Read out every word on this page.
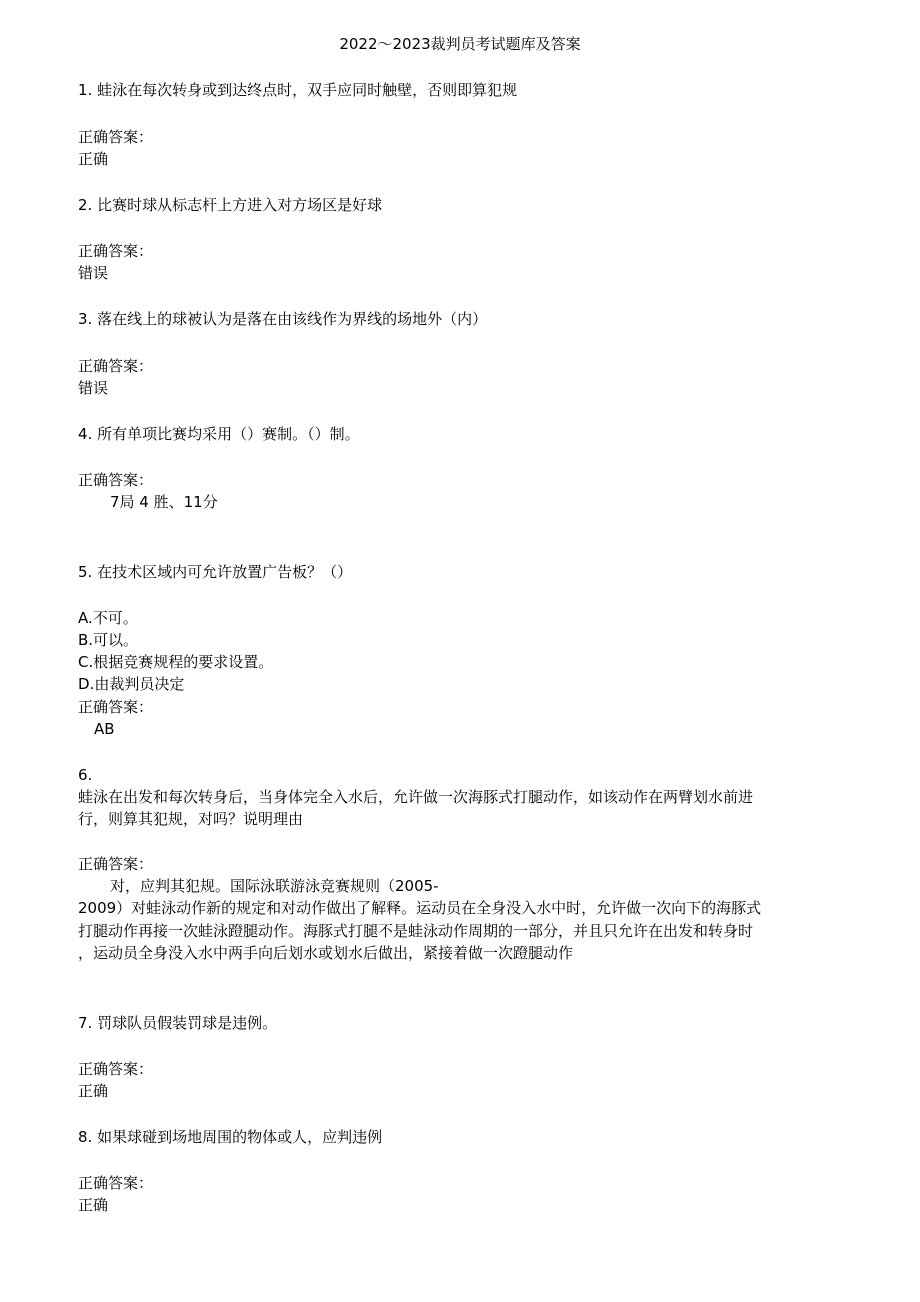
2022～2023裁判员考试题库及答案
1. 蛙泳在每次转身或到达终点时，双手应同时触壁，否则即算犯规
正确答案：
正确
2. 比赛时球从标志杆上方进入对方场区是好球
正确答案：
错误
3. 落在线上的球被认为是落在由该线作为界线的场地外（内）
正确答案：
错误
4. 所有单项比赛均采用（）赛制。（）制。
正确答案：
7局 4 胜、11分
5. 在技术区域内可允许放置广告板？（）
A.不可。
B.可以。
C.根据竞赛规程的要求设置。
D.由裁判员决定
正确答案：
AB
6.
蛙泳在出发和每次转身后，当身体完全入水后，允许做一次海豚式打腿动作，如该动作在两臂划水前进
行，则算其犯规，对吗？说明理由
正确答案：
对，应判其犯规。国际泳联游泳竞赛规则（2005-
2009）对蛙泳动作新的规定和对动作做出了解释。运动员在全身没入水中时，允许做一次向下的海豚式
打腿动作再接一次蛙泳蹬腿动作。海豚式打腿不是蛙泳动作周期的一部分，并且只允许在出发和转身时
，运动员全身没入水中两手向后划水或划水后做出，紧接着做一次蹬腿动作
7. 罚球队员假装罚球是违例。
正确答案：
正确
8. 如果球碰到场地周围的物体或人，应判违例
正确答案：
正确
